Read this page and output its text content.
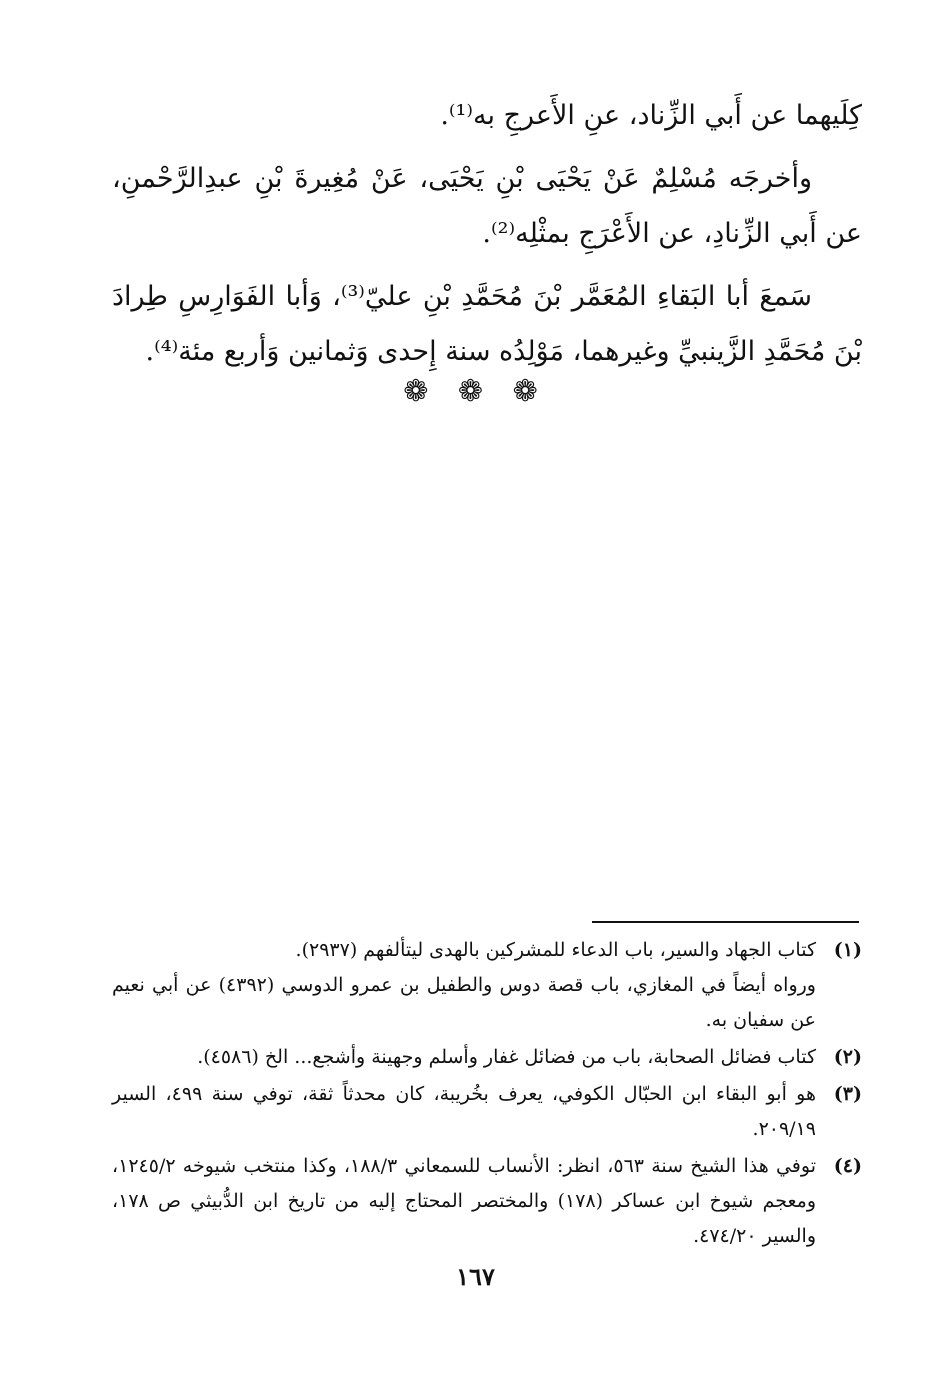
كِلَيهما عن أَبي الزِّناد، عنِ الأَعرجِ به⁽¹⁾.

وأخرجَه مُسْلِمٌ عَنْ يَحْيَى بْنِ يَحْيَى، عَنْ مُغِيرةَ بْنِ عبدِالرَّحْمنِ، عن أَبي الزِّنادِ، عن الأَعْرَجِ بمثْلِه⁽²⁾.

سَمعَ أبا البَقاءِ المُعَمَّر بْنَ مُحَمَّدِ بْنِ عليّ⁽³⁾، وَأبا الفَوَارِسِ طِرادَ بْنَ مُحَمَّدِ الزَّينبيِّ وغيرهما، مَوْلِدُه سنة إِحدى وَثمانين وَأربع مئة⁽⁴⁾.

❁ ❁ ❁
(١)
كتاب الجهاد والسير، باب الدعاء للمشركين بالهدى ليتألفهم (٢٩٣٧).
ورواه أيضاً في المغازي، باب قصة دوس والطفيل بن عمرو الدوسي (٤٣٩٢) عن أبي نعيم عن سفيان به.
(٢)
كتاب فضائل الصحابة، باب من فضائل غفار وأسلم وجهينة وأشجع... الخ (٤٥٨٦).
(٣)
هو أبو البقاء ابن الحبّال الكوفي، يعرف بخُريبة، كان محدثاً ثقة، توفي سنة ٤٩٩، السير ٢٠٩/١٩.
(٤)
توفي هذا الشيخ سنة ٥٦٣، انظر: الأنساب للسمعاني ١٨٨/٣، وكذا منتخب شيوخه ١٢٤٥/٢، ومعجم شيوخ ابن عساكر (١٧٨) والمختصر المحتاج إليه من تاريخ ابن الدُّبيثي ص ١٧٨، والسير ٤٧٤/٢٠.
١٦٧
